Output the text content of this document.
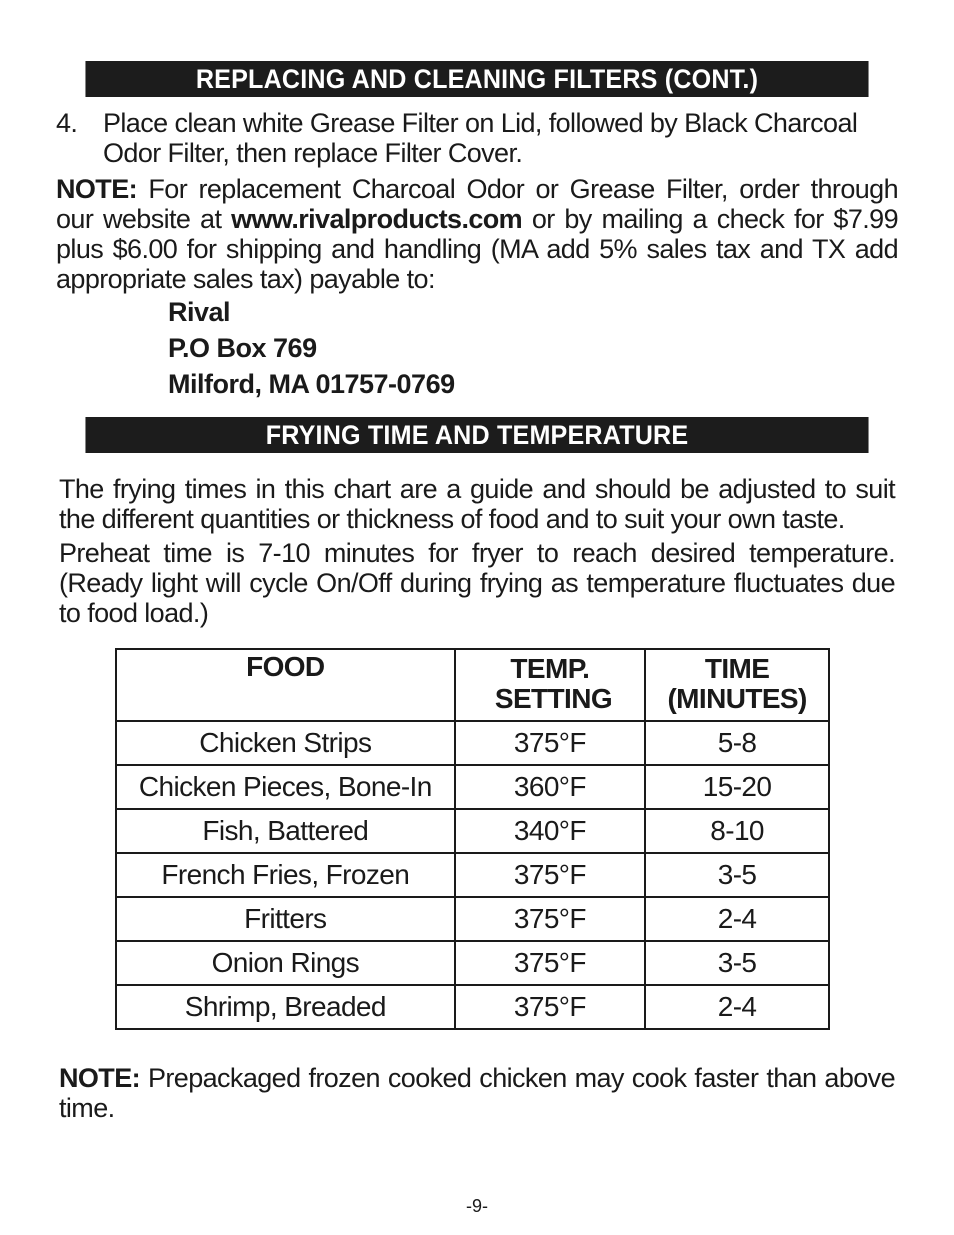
REPLACING AND CLEANING FILTERS (CONT.)
4. Place clean white Grease Filter on Lid, followed by Black Charcoal Odor Filter, then replace Filter Cover.
NOTE: For replacement Charcoal Odor or Grease Filter, order through our website at www.rivalproducts.com or by mailing a check for $7.99 plus $6.00 for shipping and handling (MA add 5% sales tax and TX add appropriate sales tax) payable to:
Rival
P.O Box 769
Milford, MA 01757-0769
FRYING TIME AND TEMPERATURE
The frying times in this chart are a guide and should be adjusted to suit the different quantities or thickness of food and to suit your own taste.
Preheat time is 7-10 minutes for fryer to reach desired temperature. (Ready light will cycle On/Off during frying as temperature fluctuates due to food load.)
FOOD	TEMP. SETTING	TIME (MINUTES)
Chicken Strips	375°F	5-8
Chicken Pieces, Bone-In	360°F	15-20
Fish, Battered	340°F	8-10
French Fries, Frozen	375°F	3-5
Fritters	375°F	2-4
Onion Rings	375°F	3-5
Shrimp, Breaded	375°F	2-4
NOTE: Prepackaged frozen cooked chicken may cook faster than above time.
-9-
